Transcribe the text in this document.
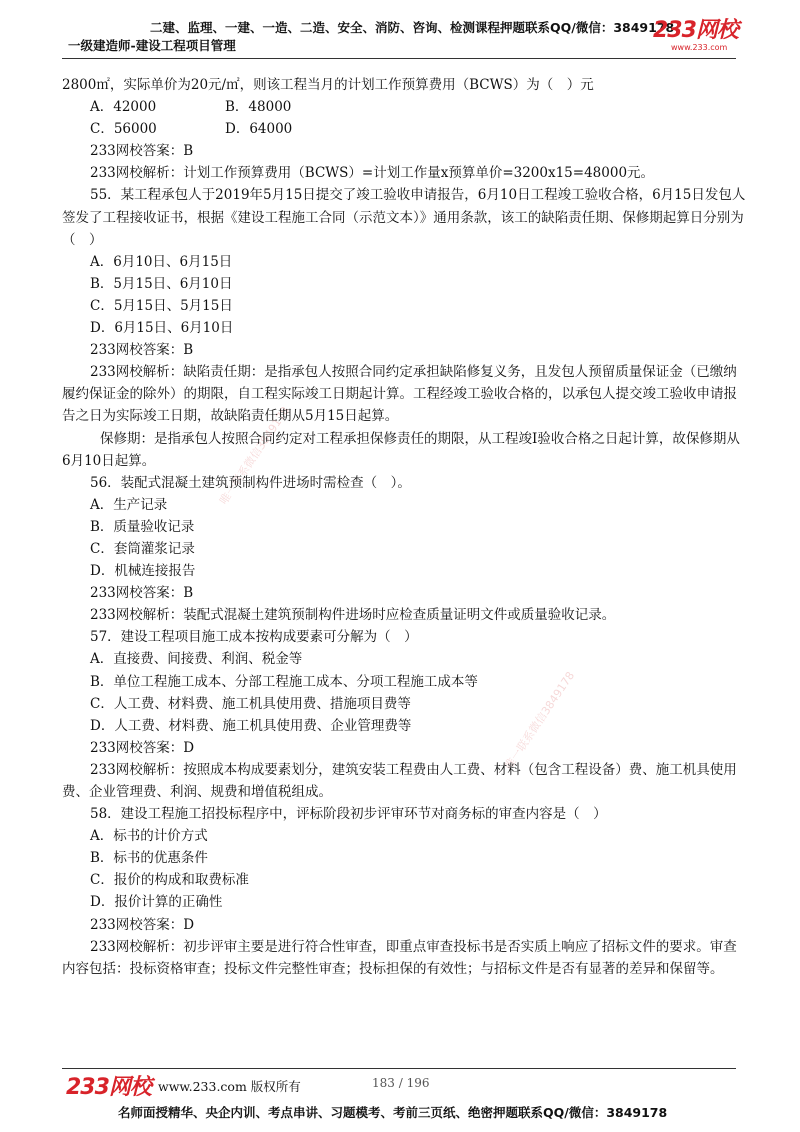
二建、监理、一建、一造、二造、安全、消防、咨询、检测课程押题联系QQ/微信：3849178
一级建造师-建设工程项目管理
233网校
www.233.com
唯一联系微信3849178
唯一联系微信3849178

2800㎡，实际单价为20元/㎡，则该工程当月的计划工作预算费用（BCWS）为（　）元

A．42000	B．48000
C．56000	D．64000

233网校答案：B

233网校解析：计划工作预算费用（BCWS）=计划工作量x预算单价=3200x15=48000元。

55．某工程承包人于2019年5月15日提交了竣工验收申请报告，6月10日工程竣工验收合格，6月15日发包人签发了工程接收证书，根据《建设工程施工合同（示范文本）》通用条款，该工的缺陷责任期、保修期起算日分别为（　）

A．6月10日、6月15日

B．5月15日、6月10日

C．5月15日、5月15日

D．6月15日、6月10日

233网校答案：B

233网校解析：缺陷责任期：是指承包人按照合同约定承担缺陷修复义务，且发包人预留质量保证金（已缴纳履约保证金的除外）的期限，自工程实际竣工日期起计算。工程经竣工验收合格的，以承包人提交竣工验收申请报告之日为实际竣工日期，故缺陷责任期从5月15日起算。

保修期：是指承包人按照合同约定对工程承担保修责任的期限，从工程竣I验收合格之日起计算，故保修期从6月10日起算。

56．装配式混凝土建筑预制构件进场时需检查（　）。

A．生产记录

B．质量验收记录

C．套筒灌浆记录

D．机械连接报告

233网校答案：B

233网校解析：装配式混凝土建筑预制构件进场时应检查质量证明文件或质量验收记录。

57．建设工程项目施工成本按构成要素可分解为（　）

A．直接费、间接费、利润、税金等

B．单位工程施工成本、分部工程施工成本、分项工程施工成本等

C．人工费、材料费、施工机具使用费、措施项目费等

D．人工费、材料费、施工机具使用费、企业管理费等

233网校答案：D

233网校解析：按照成本构成要素划分，建筑安装工程费由人工费、材料（包含工程设备）费、施工机具使用费、企业管理费、利润、规费和增值税组成。

58．建设工程施工招投标程序中，评标阶段初步评审环节对商务标的审查内容是（　）

A．标书的计价方式

B．标书的优惠条件

C．报价的构成和取费标准

D．报价计算的正确性

233网校答案：D

233网校解析：初步评审主要是进行符合性审查，即重点审查投标书是否实质上响应了招标文件的要求。审查内容包括：投标资格审查；投标文件完整性审查；投标担保的有效性；与招标文件是否有显著的差异和保留等。

233网校 www.233.com 版权所有	183 / 196
名师面授精华、央企内训、考点串讲、习题模考、考前三页纸、绝密押题联系QQ/微信：3849178
